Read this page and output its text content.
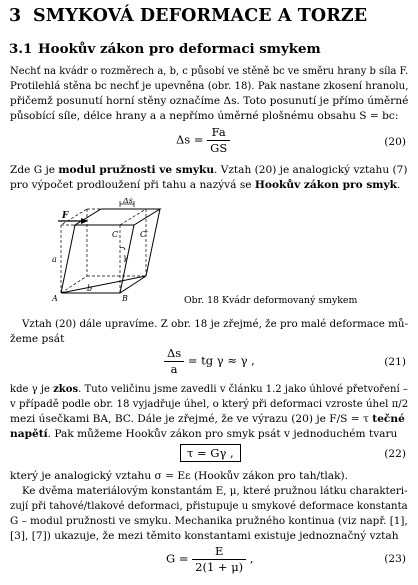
3 SMYKOVÁ DEFORMACE A TORZE
3.1 Hookův zákon pro deformaci smykem
Nechť na kvádr o rozměrech a, b, c působí ve stěně bc ve směru hrany b síla F.
Protilehlá stěna bc nechť je upevněna (obr. 18). Pak nastane zkosení hranolu,
přičemž posunutí horní stěny označíme Δs. Toto posunutí je přímo úměrné
působící síle, délce hrany a a nepřímo úměrné plošnému obsahu S = bc:
$\Delta s = \frac{Fa}{GS}$	(20)
Zde G je modul pružnosti ve smyku. Vztah (20) je analogický vztahu (7)
pro výpočet prodloužení při tahu a nazývá se Hookův zákon pro smyk.
F
Δs
C	C′
γ
a
b
A	B	Obr. 18 Kvádr deformovaný smykem
Vztah (20) dále upravíme. Z obr. 18 je zřejmé, že pro malé deformace mů-
žeme psát
$\frac{\Delta s}{a}$ = tg γ ≈ γ ,	(21)
kde γ je zkos. Tuto veličinu jsme zavedli v článku 1.2 jako úhlové přetvoření –
v případě podle obr. 18 vyjadřuje úhel, o který při deformaci vzroste úhel π/2
mezi úsečkami BA, BC. Dále je zřejmé, že ve výrazu (20) je F/S = τ tečné
napětí. Pak můžeme Hookův zákon pro smyk psát v jednoduchém tvaru
τ = Gγ ,	(22)
který je analogický vztahu σ = Eε (Hookův zákon pro tah/tlak).
Ke dvěma materiálovým konstantám E, μ, které pružnou látku charakteri-
zují při tahové/tlakové deformaci, přistupuje u smykové deformace konstanta
G – modul pružnosti ve smyku. Mechanika pružného kontinua (viz např. [1],
[3], [7]) ukazuje, že mezi těmito konstantami existuje jednoznačný vztah
$G = \frac{E}{2(1 + \mu)}$ ,	(23)
